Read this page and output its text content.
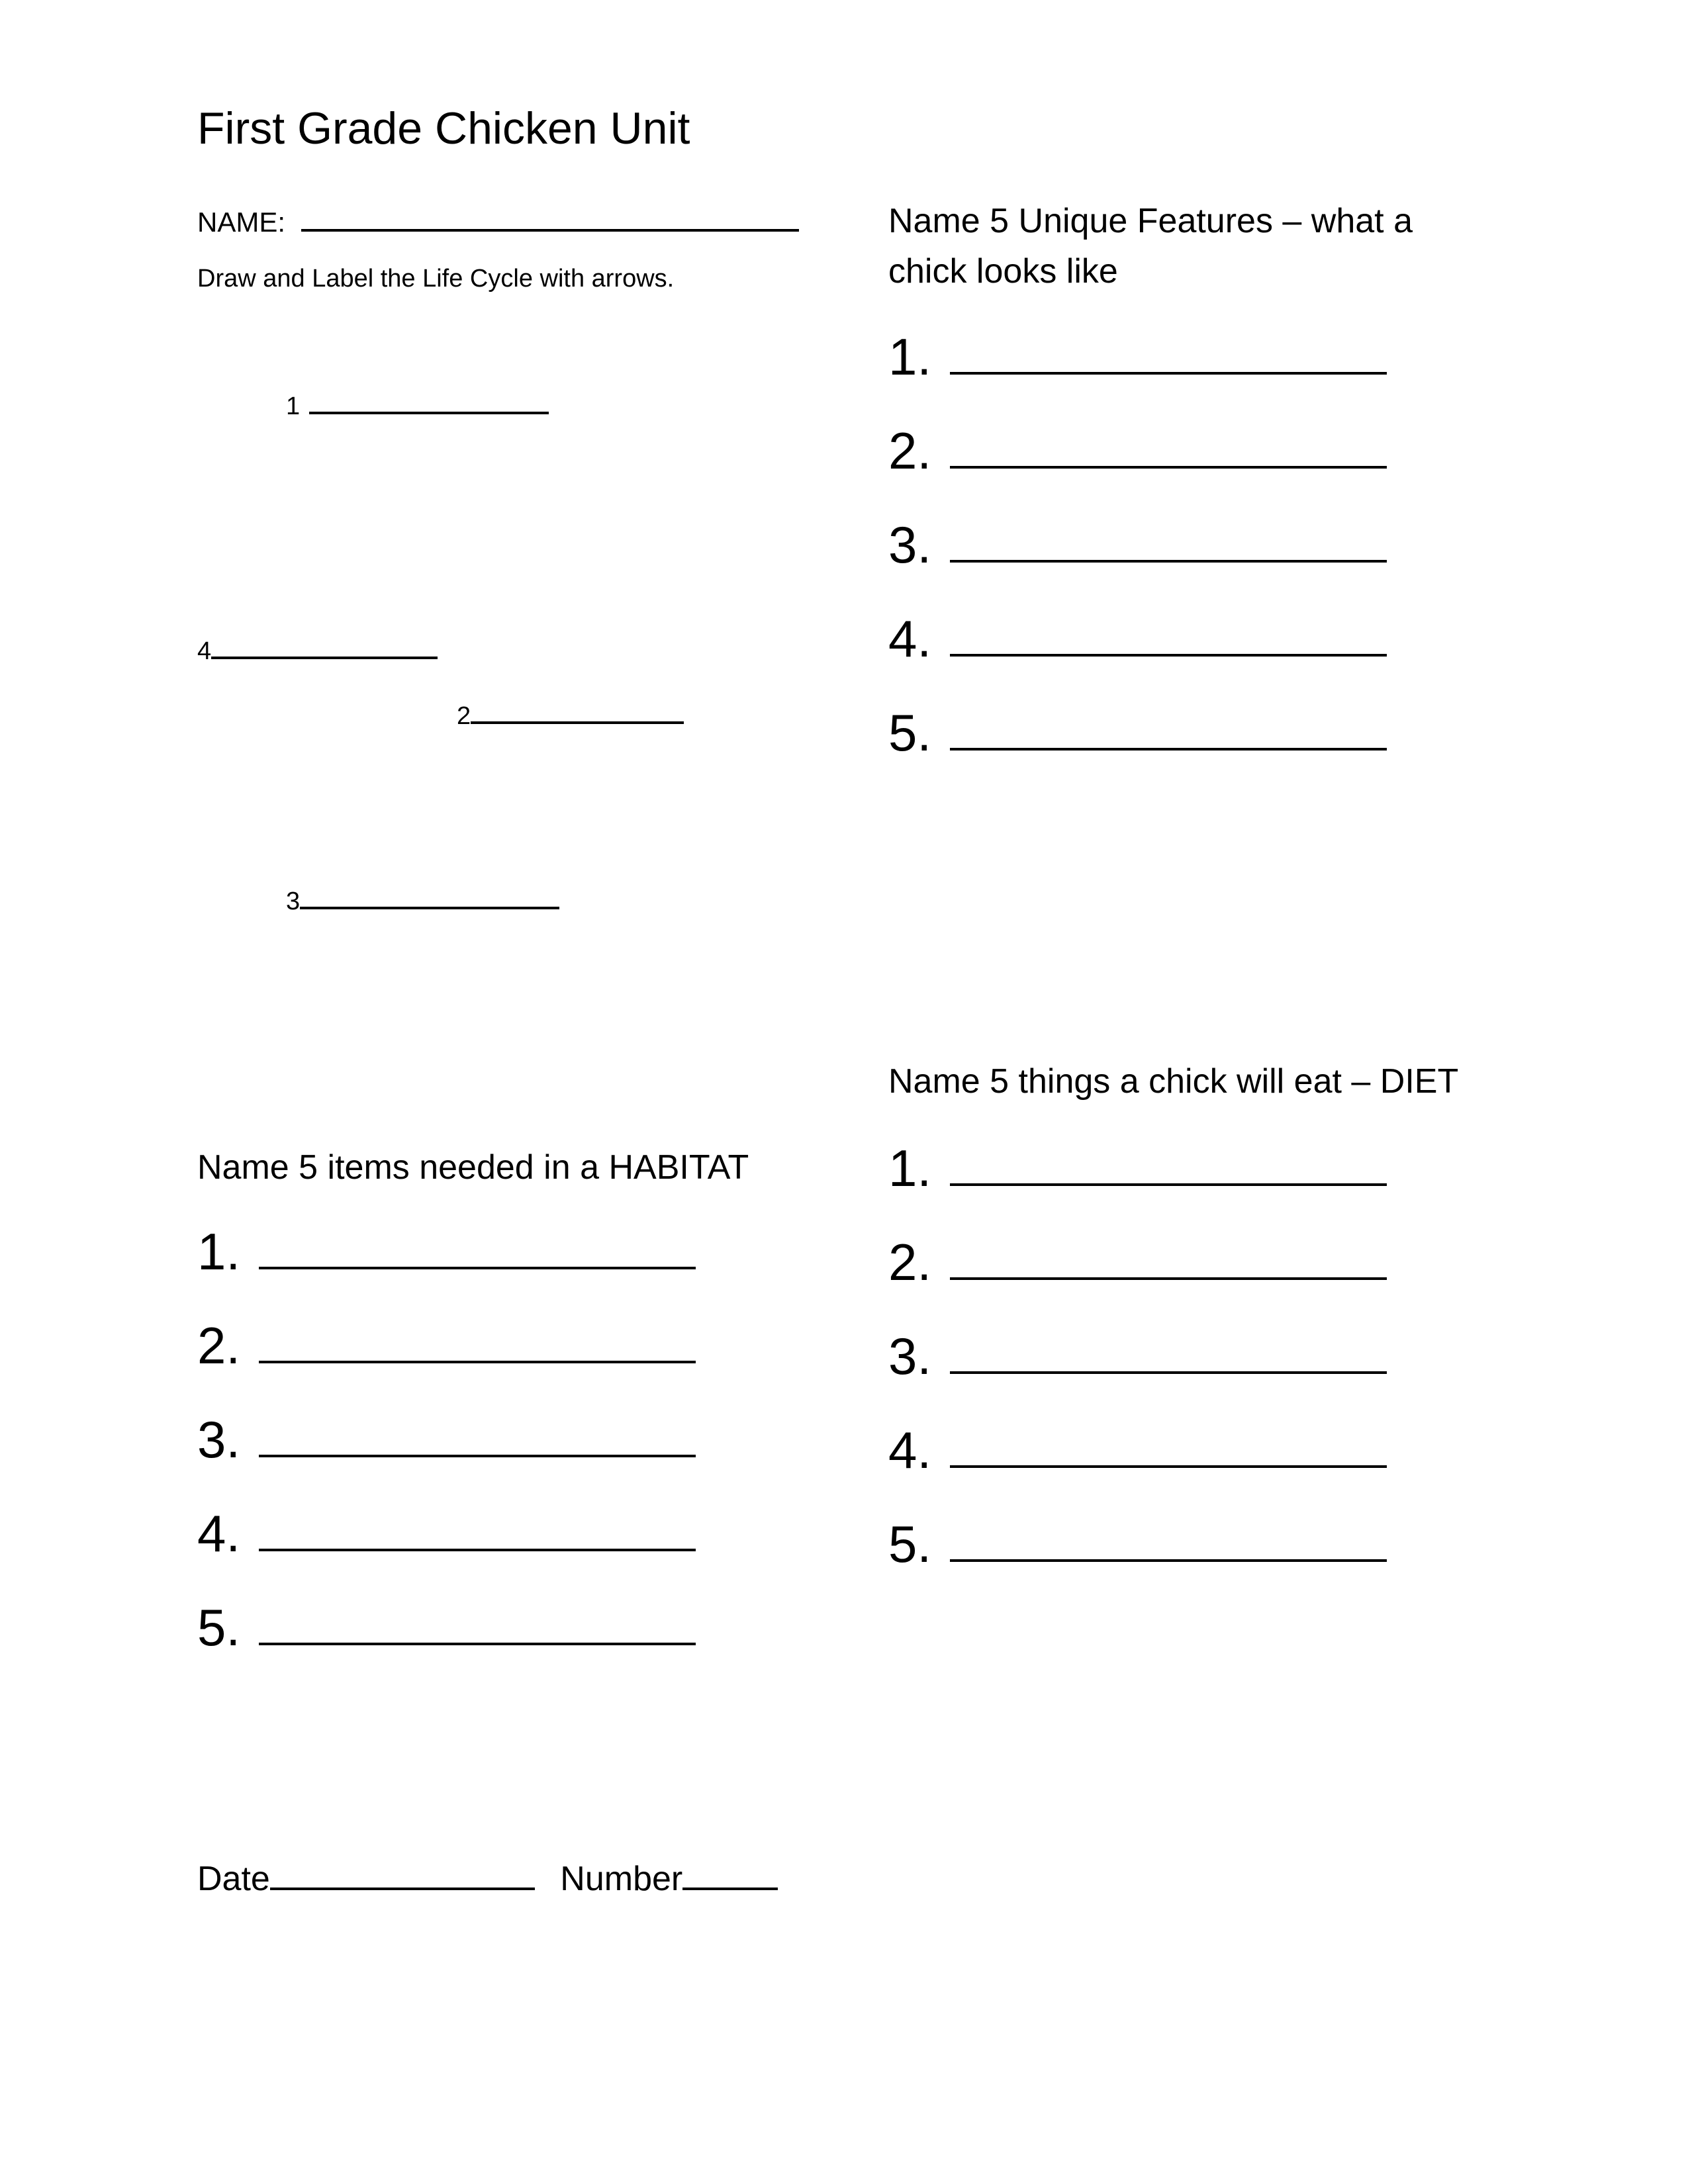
First Grade Chicken Unit
NAME:
Draw and Label the Life Cycle with arrows.
1
4
2
3
Name 5 Unique Features – what a
chick looks like
1.
2.
3.
4.
5.
Name 5 things a chick will eat – DIET
1.
2.
3.
4.
5.
Name 5 items needed in a HABITAT
1.
2.
3.
4.
5.
Date	Number
